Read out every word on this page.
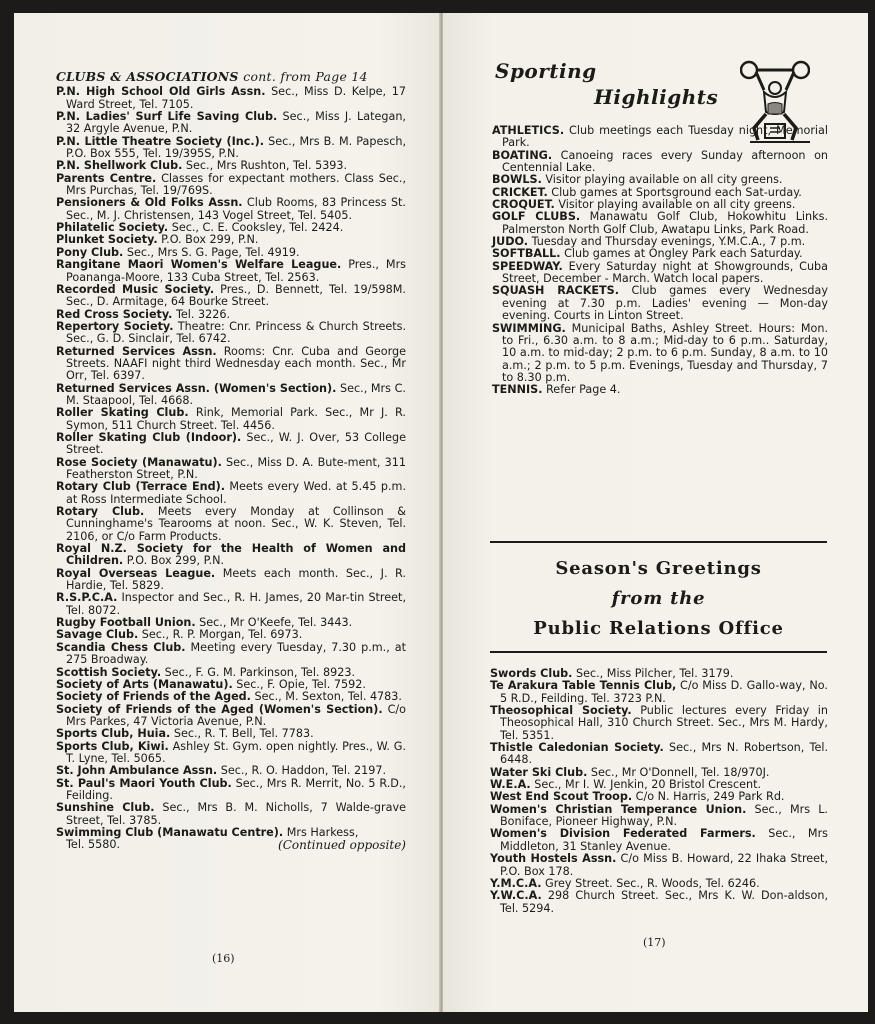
CLUBS & ASSOCIATIONS cont. from Page 14

P.N. High School Old Girls Assn. Sec., Miss D. Kelpe, 17 Ward Street, Tel. 7105.

P.N. Ladies' Surf Life Saving Club. Sec., Miss J. Lategan, 32 Argyle Avenue, P.N.

P.N. Little Theatre Society (Inc.). Sec., Mrs B. M. Papesch, P.O. Box 555, Tel. 19/395S, P.N.

P.N. Shellwork Club. Sec., Mrs Rushton, Tel. 5393.

Parents Centre. Classes for expectant mothers. Class Sec., Mrs Purchas, Tel. 19/769S.

Pensioners & Old Folks Assn. Club Rooms, 83 Princess St. Sec., M. J. Christensen, 143 Vogel Street, Tel. 5405.

Philatelic Society. Sec., C. E. Cooksley, Tel. 2424.

Plunket Society. P.O. Box 299, P.N.

Pony Club. Sec., Mrs S. G. Page, Tel. 4919.

Rangitane Maori Women's Welfare League. Pres., Mrs Poananga-Moore, 133 Cuba Street, Tel. 2563.

Recorded Music Society. Pres., D. Bennett, Tel. 19/598M. Sec., D. Armitage, 64 Bourke Street.

Red Cross Society. Tel. 3226.

Repertory Society. Theatre: Cnr. Princess & Church Streets. Sec., G. D. Sinclair, Tel. 6742.

Returned Services Assn. Rooms: Cnr. Cuba and George Streets. NAAFI night third Wednesday each month. Sec., Mr Orr, Tel. 6397.

Returned Services Assn. (Women's Section). Sec., Mrs C. M. Staapool, Tel. 4668.

Roller Skating Club. Rink, Memorial Park. Sec., Mr J. R. Symon, 511 Church Street. Tel. 4456.

Roller Skating Club (Indoor). Sec., W. J. Over, 53 College Street.

Rose Society (Manawatu). Sec., Miss D. A. Bute-ment, 311 Featherston Street, P.N.

Rotary Club (Terrace End). Meets every Wed. at 5.45 p.m. at Ross Intermediate School.

Rotary Club. Meets every Monday at Collinson & Cunninghame's Tearooms at noon. Sec., W. K. Steven, Tel. 2106, or C/o Farm Products.

Royal N.Z. Society for the Health of Women and Children. P.O. Box 299, P.N.

Royal Overseas League. Meets each month. Sec., J. R. Hardie, Tel. 5829.

R.S.P.C.A. Inspector and Sec., R. H. James, 20 Mar-tin Street, Tel. 8072.

Rugby Football Union. Sec., Mr O'Keefe, Tel. 3443.

Savage Club. Sec., R. P. Morgan, Tel. 6973.

Scandia Chess Club. Meeting every Tuesday, 7.30 p.m., at 275 Broadway.

Scottish Society. Sec., F. G. M. Parkinson, Tel. 8923.

Society of Arts (Manawatu). Sec., F. Opie, Tel. 7592.

Society of Friends of the Aged. Sec., M. Sexton, Tel. 4783.

Society of Friends of the Aged (Women's Section). C/o Mrs Parkes, 47 Victoria Avenue, P.N.

Sports Club, Huia. Sec., R. T. Bell, Tel. 7783.

Sports Club, Kiwi. Ashley St. Gym. open nightly. Pres., W. G. T. Lyne, Tel. 5065.

St. John Ambulance Assn. Sec., R. O. Haddon, Tel. 2197.

St. Paul's Maori Youth Club. Sec., Mrs R. Merrit, No. 5 R.D., Feilding.

Sunshine Club. Sec., Mrs B. M. Nicholls, 7 Walde-grave Street, Tel. 3785.

Swimming Club (Manawatu Centre). Mrs Harkess,
Tel. 5580.	(Continued opposite)

(16)
Sporting
Highlights

ATHLETICS. Club meetings each Tuesday night, Memorial Park.

BOATING. Canoeing races every Sunday afternoon on Centennial Lake.

BOWLS. Visitor playing available on all city greens.

CRICKET. Club games at Sportsground each Sat-urday.

CROQUET. Visitor playing available on all city greens.

GOLF CLUBS. Manawatu Golf Club, Hokowhitu Links. Palmerston North Golf Club, Awatapu Links, Park Road.

JUDO. Tuesday and Thursday evenings, Y.M.C.A., 7 p.m.

SOFTBALL. Club games at Ongley Park each Saturday.

SPEEDWAY. Every Saturday night at Showgrounds, Cuba Street, December - March. Watch local papers.

SQUASH RACKETS. Club games every Wednesday evening at 7.30 p.m. Ladies' evening — Mon-day evening. Courts in Linton Street.

SWIMMING. Municipal Baths, Ashley Street. Hours: Mon. to Fri., 6.30 a.m. to 8 a.m.; Mid-day to 6 p.m.. Saturday, 10 a.m. to mid-day; 2 p.m. to 6 p.m. Sunday, 8 a.m. to 10 a.m.; 2 p.m. to 5 p.m. Evenings, Tuesday and Thursday, 7 to 8.30 p.m.

TENNIS. Refer Page 4.

Season's Greetings
from the
Public Relations Office

Swords Club. Sec., Miss Pilcher, Tel. 3179.

Te Arakura Table Tennis Club, C/o Miss D. Gallo-way, No. 5 R.D., Feilding. Tel. 3723 P.N.

Theosophical Society. Public lectures every Friday in Theosophical Hall, 310 Church Street. Sec., Mrs M. Hardy, Tel. 5351.

Thistle Caledonian Society. Sec., Mrs N. Robertson, Tel. 6448.

Water Ski Club. Sec., Mr O'Donnell, Tel. 18/970J.

W.E.A. Sec., Mr I. W. Jenkin, 20 Bristol Crescent.

West End Scout Troop. C/o N. Harris, 249 Park Rd.

Women's Christian Temperance Union. Sec., Mrs L. Boniface, Pioneer Highway, P.N.

Women's Division Federated Farmers. Sec., Mrs Middleton, 31 Stanley Avenue.

Youth Hostels Assn. C/o Miss B. Howard, 22 Ihaka Street, P.O. Box 178.

Y.M.C.A. Grey Street. Sec., R. Woods, Tel. 6246.

Y.W.C.A. 298 Church Street. Sec., Mrs K. W. Don-aldson, Tel. 5294.

(17)
